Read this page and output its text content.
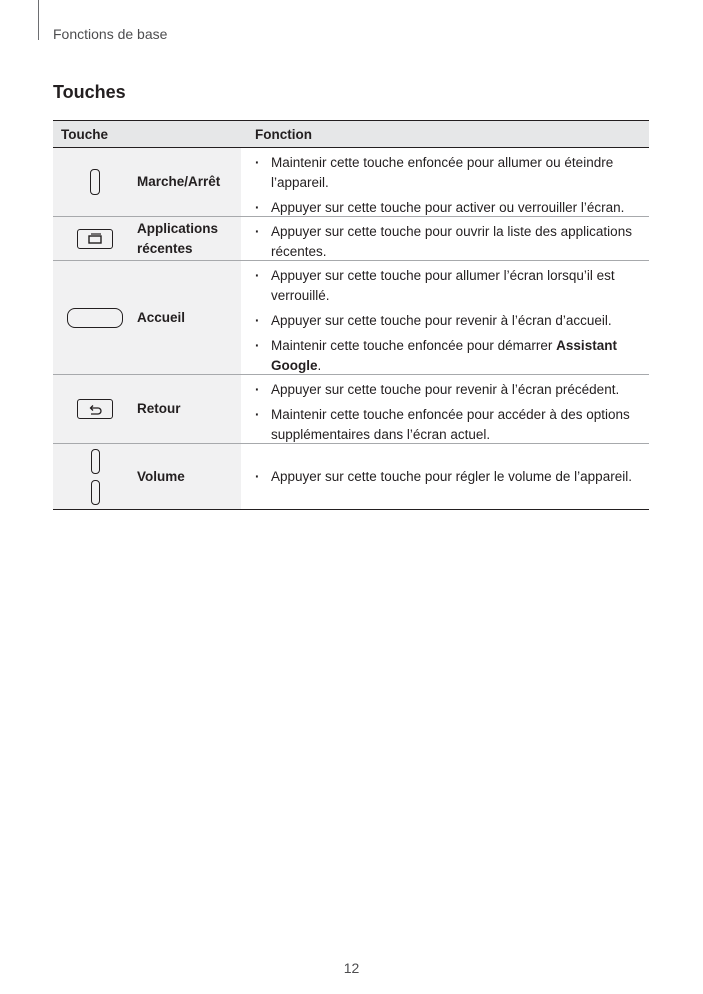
Fonctions de base
Touches
Touche	Fonction
Marche/Arrêt
· Maintenir cette touche enfoncée pour allumer ou éteindre l’appareil.
· Appuyer sur cette touche pour activer ou verrouiller l’écran.
Applications
récentes
· Appuyer sur cette touche pour ouvrir la liste des applications récentes.
Accueil
· Appuyer sur cette touche pour allumer l’écran lorsqu’il est verrouillé.
· Appuyer sur cette touche pour revenir à l’écran d’accueil.
· Maintenir cette touche enfoncée pour démarrer Assistant Google.
Retour
· Appuyer sur cette touche pour revenir à l’écran précédent.
· Maintenir cette touche enfoncée pour accéder à des options supplémentaires dans l’écran actuel.
Volume
·	Appuyer sur cette touche pour régler le volume de l’appareil.
12
